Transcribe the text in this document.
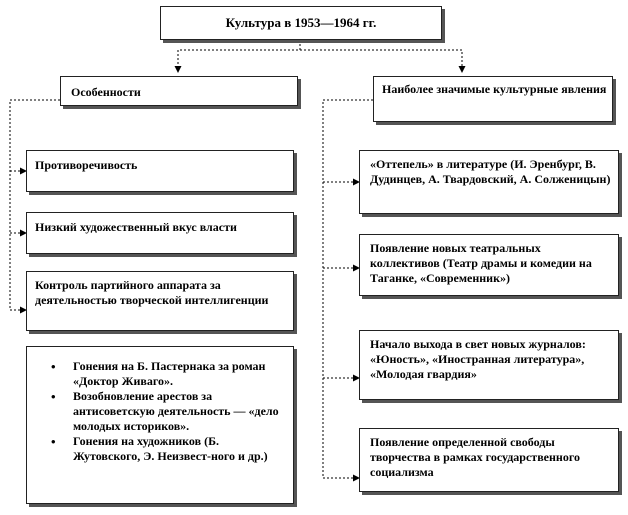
Культура в 1953—1964 гг.
Особенности	Наиболее значимые культурные явления

Противоречивость

Низкий художественный вкус власти

Контроль партийного аппарата за деятельностью творческой интеллигенции

• Гонения на Б. Пастернака за роман «Доктор Живаго».
• Возобновление арестов за антисоветскую деятельность — «дело молодых историков».
• Гонения на художников (Б. Жутовского, Э. Неизвест-ного и др.)

«Оттепель» в литературе (И. Эренбург, В. Дудинцев, А. Твардовский, А. Солженицын)

Появление новых театральных коллективов (Театр драмы и комедии на Таганке, «Современник»)

Начало выхода в свет новых журналов: «Юность», «Иностранная литература», «Молодая гвардия»

Появление определенной свободы творчества в рамках государственного социализма
